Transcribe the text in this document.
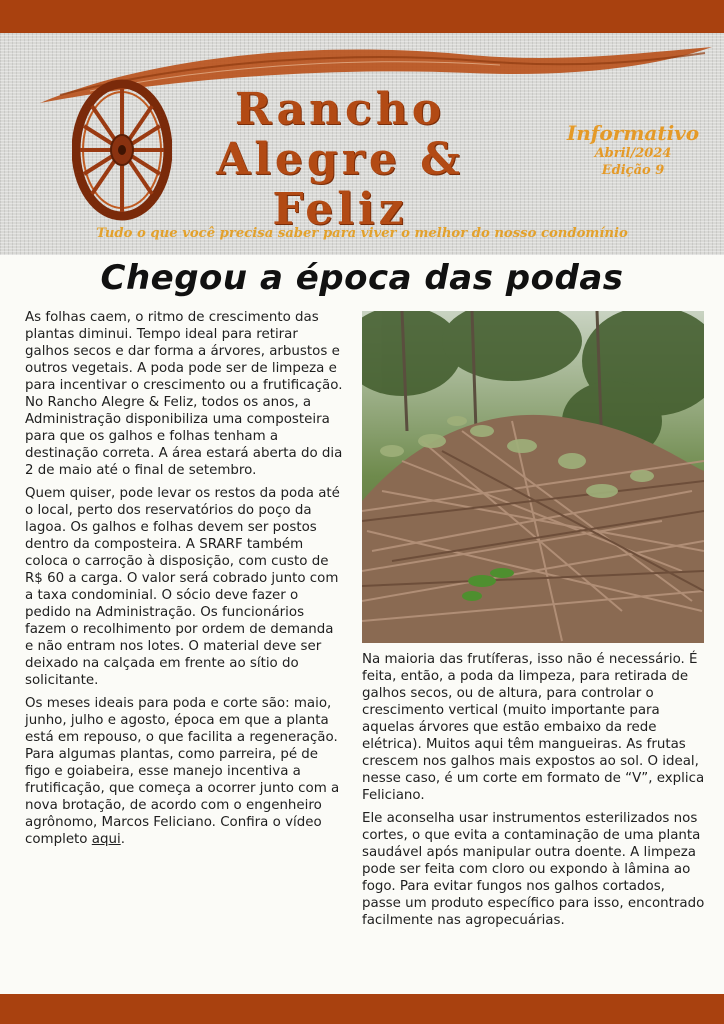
Rancho
Alegre &
Feliz
Informativo
Abril/2024
Edição 9
Tudo o que você precisa saber para viver o melhor do nosso condomínio
Chegou a época das podas

As folhas caem, o ritmo de crescimento das plantas diminui. Tempo ideal para retirar galhos secos e dar forma a árvores, arbustos e outros vegetais. A poda pode ser de limpeza e para incentivar o crescimento ou a frutificação. No Rancho Alegre & Feliz, todos os anos, a Administração disponibiliza uma composteira para que os galhos e folhas tenham a destinação correta. A área estará aberta do dia 2 de maio até o final de setembro.

Quem quiser, pode levar os restos da poda até o local, perto dos reservatórios do poço da lagoa. Os galhos e folhas devem ser postos dentro da composteira. A SRARF também coloca o carroção à disposição, com custo de R$ 60 a carga. O valor será cobrado junto com a taxa condominial. O sócio deve fazer o pedido na Administração. Os funcionários fazem o recolhimento por ordem de demanda e não entram nos lotes. O material deve ser deixado na calçada em frente ao sítio do solicitante.

Os meses ideais para poda e corte são: maio, junho, julho e agosto, época em que a planta está em repouso, o que facilita a regeneração. Para algumas plantas, como parreira, pé de figo e goiabeira, esse manejo incentiva a frutificação, que começa a ocorrer junto com a nova brotação, de acordo com o engenheiro agrônomo, Marcos Feliciano. Confira o vídeo completo aqui.

Na maioria das frutíferas, isso não é necessário. É feita, então, a poda da limpeza, para retirada de galhos secos, ou de altura, para controlar o crescimento vertical (muito importante para aquelas árvores que estão embaixo da rede elétrica). Muitos aqui têm mangueiras. As frutas crescem nos galhos mais expostos ao sol. O ideal, nesse caso, é um corte em formato de “V”, explica Feliciano.

Ele aconselha usar instrumentos esterilizados nos cortes, o que evita a contaminação de uma planta saudável após manipular outra doente. A limpeza pode ser feita com cloro ou expondo à lâmina ao fogo. Para evitar fungos nos galhos cortados, passe um produto específico para isso, encontrado facilmente nas agropecuárias.
